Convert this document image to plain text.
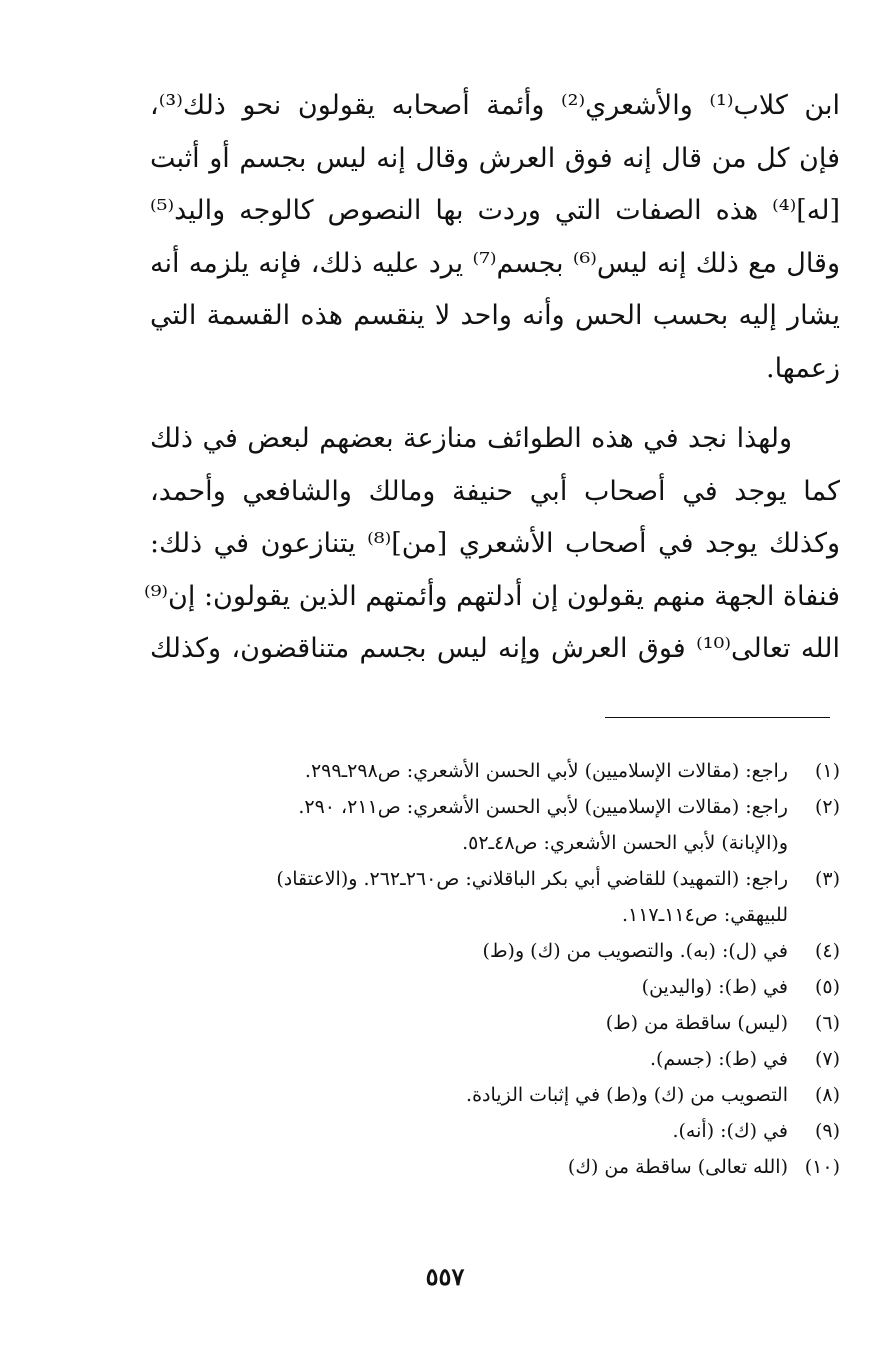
ابن كلاب⁽¹⁾ والأشعري⁽²⁾ وأئمة أصحابه يقولون نحو ذلك⁽³⁾،
فإن كل من قال إنه فوق العرش وقال إنه ليس بجسم أو أثبت
[له]⁽⁴⁾ هذه الصفات التي وردت بها النصوص كالوجه واليد⁽⁵⁾
وقال مع ذلك إنه ليس⁽⁶⁾ بجسم⁽⁷⁾ يرد عليه ذلك، فإنه يلزمه أنه
يشار إليه بحسب الحس وأنه واحد لا ينقسم هذه القسمة التي
زعمها.

ولهذا نجد في هذه الطوائف منازعة بعضهم لبعض في ذلك
كما يوجد في أصحاب أبي حنيفة ومالك والشافعي وأحمد،
وكذلك يوجد في أصحاب الأشعري [من]⁽⁸⁾ يتنازعون في ذلك:
فنفاة الجهة منهم يقولون إن أدلتهم وأئمتهم الذين يقولون: إن⁽⁹⁾
الله تعالى⁽¹⁰⁾ فوق العرش وإنه ليس بجسم متناقضون، وكذلك

(١)
راجع: (مقالات الإسلاميين) لأبي الحسن الأشعري: ص٢٩٨ـ٢٩٩.
(٢)
راجع: (مقالات الإسلاميين) لأبي الحسن الأشعري: ص٢١١، ٢٩٠.
و(الإبانة) لأبي الحسن الأشعري: ص٤٨ـ٥٢.
(٣)
راجع: (التمهيد) للقاضي أبي بكر الباقلاني: ص٢٦٠ـ٢٦٢. و(الاعتقاد)
للبيهقي: ص١١٤ـ١١٧.
(٤)
في (ل): (به). والتصويب من (ك) و(ط)
(٥)
في (ط): (واليدين)
(٦)
(ليس) ساقطة من (ط)
(٧)
في (ط): (جسم).
(٨)
التصويب من (ك) و(ط) في إثبات الزيادة.
(٩)
في (ك): (أنه).
(١٠)
(الله تعالى) ساقطة من (ك)
٥٥٧
